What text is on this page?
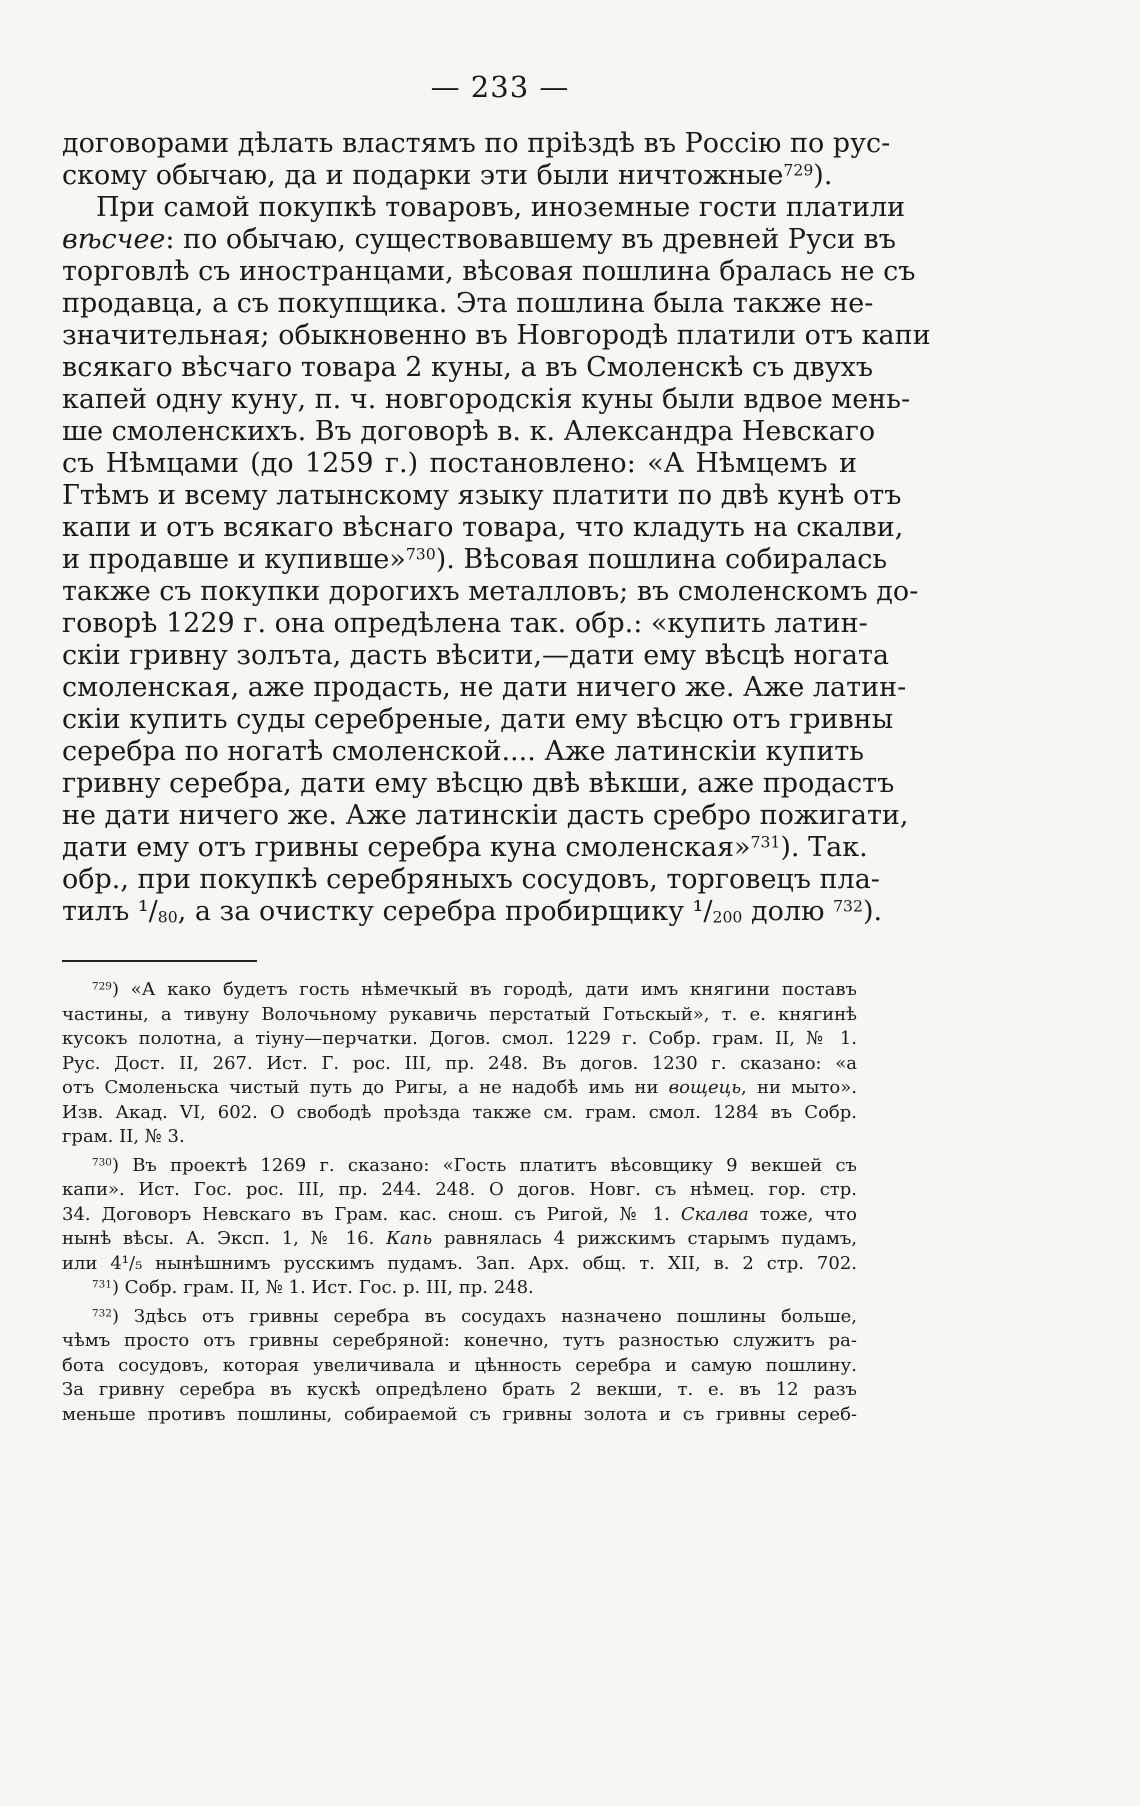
— 233 —
договорами дѣлать властямъ по прiѣздѣ въ Россiю по рус-
скому обычаю, да и подарки эти были ничтожные$^{729}$).
При самой покупкѣ товаровъ, иноземные гости платили
вѣсчее: по обычаю, существовавшему въ древней Руси въ
торговлѣ съ иностранцами, вѣсовая пошлина бралась не съ
продавца, а съ покупщика. Эта пошлина была также не-
значительная; обыкновенно въ Новгородѣ платили отъ капи
всякаго вѣсчаго товара 2 куны, а въ Смоленскѣ съ двухъ
капей одну куну, п. ч. новгородскiя куны были вдвое мень-
ше смоленскихъ. Въ договорѣ в. к. Александра Невскаго
съ Нѣмцами (до 1259 г.) постановлено: «А Нѣмцемъ и
Гтѣмъ и всему латынскому языку платити по двѣ кунѣ отъ
капи и отъ всякаго вѣснаго товара, что кладуть на скалви,
и продавше и купивше»$^{730}$). Вѣсовая пошлина собиралась
также съ покупки дорогихъ металловъ; въ смоленскомъ до-
говорѣ 1229 г. она опредѣлена так. обр.: «купить латин-
скiи гривну золъта, дасть вѣсити,—дати ему вѣсцѣ ногата
смоленская, аже продасть, не дати ничего же. Аже латин-
скiи купить суды серебреные, дати ему вѣсцю отъ гривны
серебра по ногатѣ смоленской.... Аже латинскiи купить
гривну серебра, дати ему вѣсцю двѣ вѣкши, аже продастъ
не дати ничего же. Аже латинскiи дасть сребро пожигати,
дати ему отъ гривны серебра куна смоленская»$^{731}$). Так.
обр., при покупкѣ серебряныхъ сосудовъ, торговецъ пла-
тилъ ¹/80, а за очистку серебра пробирщику ¹/200 долю $^{732}$).
$^{729}$) «А како будетъ гость нѣмечкый въ городѣ, дати имъ княгини поставъ
частины, а тивуну Волочьному рукавичь перстатый Готьскый», т. е. княгинѣ
кусокъ полотна, а тiуну—перчатки. Догов. смол. 1229 г. Собр. грам. II, № 1.
Рус. Дост. II, 267. Ист. Г. рос. III, пр. 248. Въ догов. 1230 г. сказано: «а
отъ Смоленьска чистый путь до Ригы, а не надобѣ имь ни вощець, ни мыто».
Изв. Акад. VI, 602. О свободѣ проѣзда также см. грам. смол. 1284 въ Собр.
грам. II, № 3.
$^{730}$) Въ проектѣ 1269 г. сказано: «Гость платитъ вѣсовщику 9 векшей съ
капи». Ист. Гос. рос. III, пр. 244. 248. О догов. Новг. съ нѣмец. гор. стр.
34. Договоръ Невскаго въ Грам. кас. снош. съ Ригой, № 1. Скалва тоже, что
нынѣ вѣсы. А. Эксп. 1, № 16. Капь равнялась 4 рижскимъ старымъ пудамъ,
или 4¹/₅ нынѣшнимъ русскимъ пудамъ. Зап. Арх. общ. т. XII, в. 2 стр. 702.
$^{731}$) Собр. грам. II, № 1. Ист. Гос. р. III, пр. 248.
$^{732}$) Здѣсь отъ гривны серебра въ сосудахъ назначено пошлины больше,
чѣмъ просто отъ гривны серебряной: конечно, тутъ разностью служитъ ра-
бота сосудовъ, которая увеличивала и цѣнность серебра и самую пошлину.
За гривну серебра въ кускѣ опредѣлено брать 2 векши, т. е. въ 12 разъ
меньше противъ пошлины, собираемой съ гривны золота и съ гривны сереб-
